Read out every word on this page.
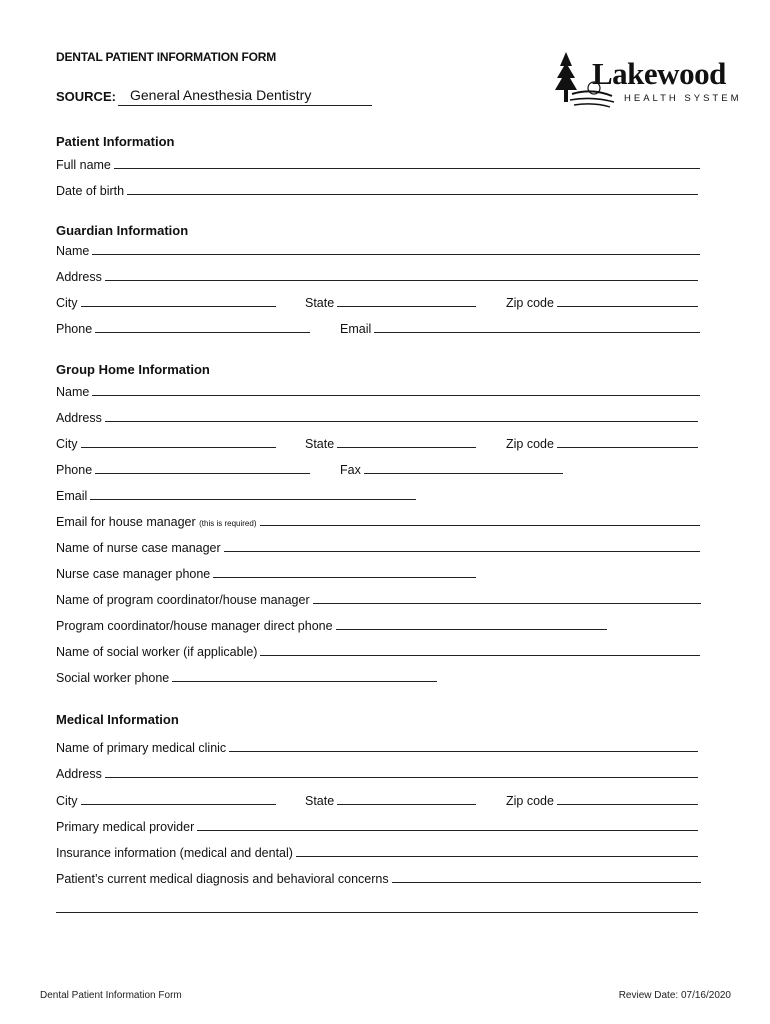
DENTAL PATIENT INFORMATION FORM
SOURCE:	General Anesthesia Dentistry
Lakewood
HEALTH SYSTEM
Patient Information
Full name
Date of birth
Guardian Information
Name
Address
City	State	Zip code
Phone	Email
Group Home Information
Name
Address
City	State	Zip code
Phone	Fax
Email
Email for house manager (this is required)
Name of nurse case manager
Nurse case manager phone
Name of program coordinator/house manager
Program coordinator/house manager direct phone
Name of social worker (if applicable)
Social worker phone
Medical Information
Name of primary medical clinic
Address
City	State	Zip code
Primary medical provider
Insurance information (medical and dental)
Patient’s current medical diagnosis and behavioral concerns
Dental Patient Information Form	Review Date: 07/16/2020
